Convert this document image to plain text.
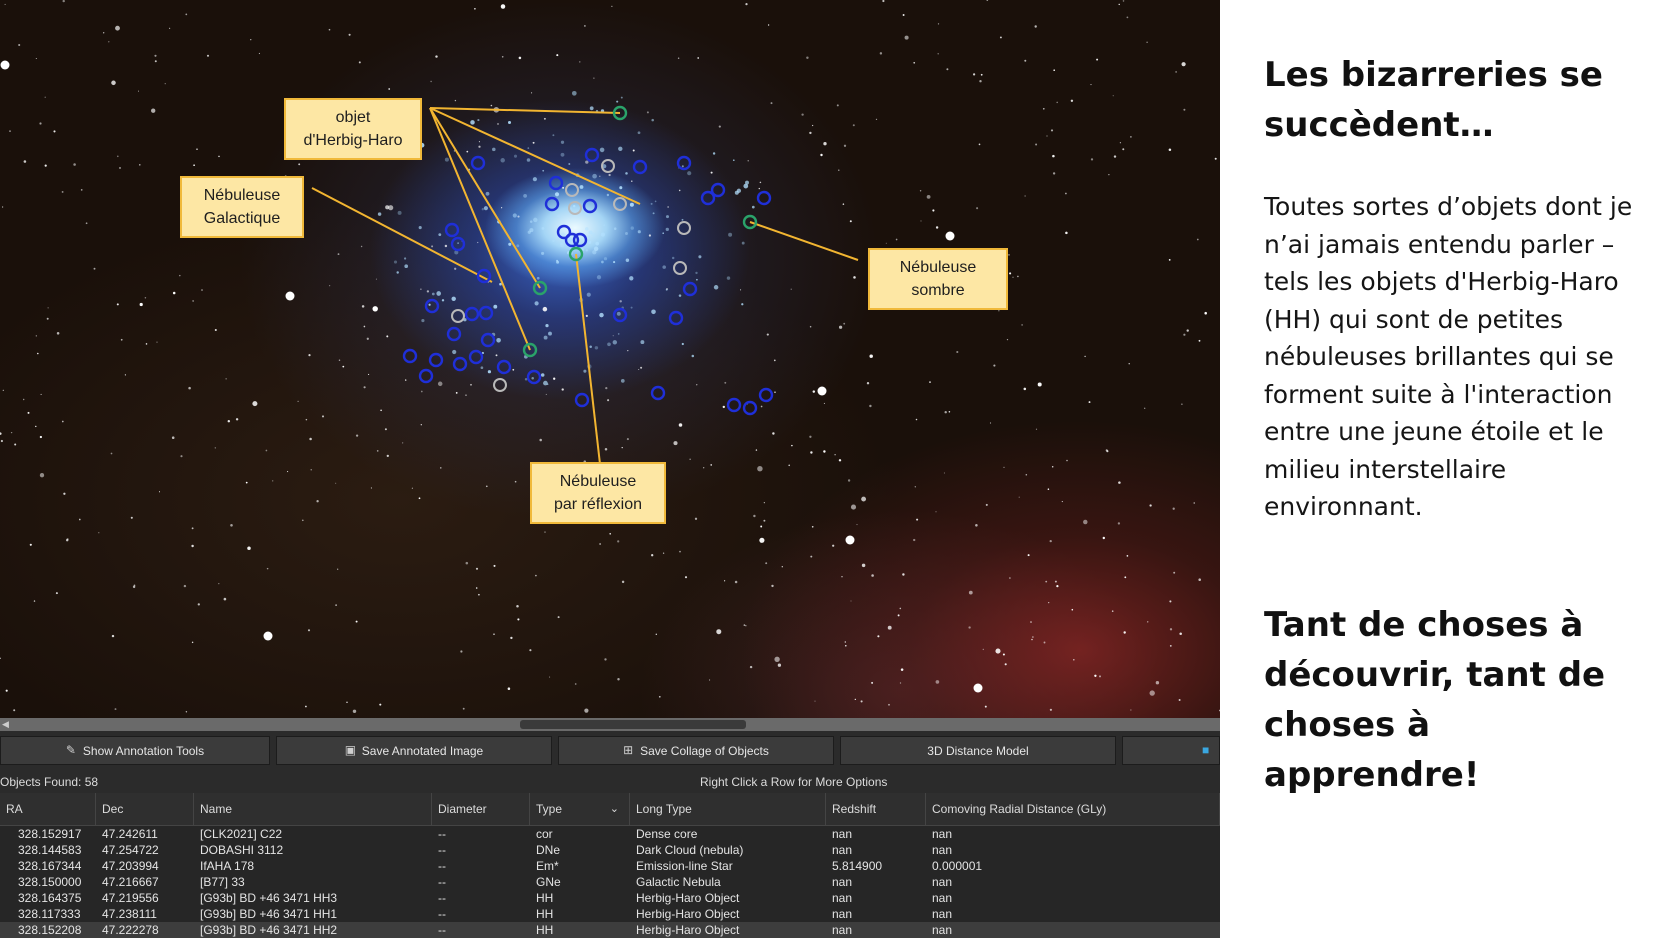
objet
d'Herbig-Haro
Nébuleuse
Galactique
Nébuleuse
sombre
Nébuleuse
par réflexion
◀
✎ Show Annotation Tools	▣ Save Annotated Image	⊞ Save Collage of Objects	3D Distance Model	■
Objects Found: 58	Right Click a Row for More Options
RA	Dec	Name	Diameter	Type	⌄	Long Type	Redshift	Comoving Radial Distance (GLy)
328.152917	47.242611	[CLK2021] C22	--	cor	Dense core	nan	nan
328.144583	47.254722	DOBASHI 3112	--	DNe	Dark Cloud (nebula)	nan	nan
328.167344	47.203994	IfAHA 178	--	Em*	Emission-line Star	5.814900	0.000001
328.150000	47.216667	[B77] 33	--	GNe	Galactic Nebula	nan	nan
328.164375	47.219556	[G93b] BD +46 3471 HH3	--	HH	Herbig-Haro Object	nan	nan
328.117333	47.238111	[G93b] BD +46 3471 HH1	--	HH	Herbig-Haro Object	nan	nan
328.152208	47.222278	[G93b] BD +46 3471 HH2	--	HH	Herbig-Haro Object	nan	nan
Les bizarreries se succèdent…
Toutes sortes d’objets dont je n’ai jamais entendu parler – tels les objets d'Herbig-Haro (HH) qui sont de petites nébuleuses brillantes qui se forment suite à l'interaction entre une jeune étoile et le milieu interstellaire environnant.
Tant de choses à découvrir, tant de choses à apprendre!
